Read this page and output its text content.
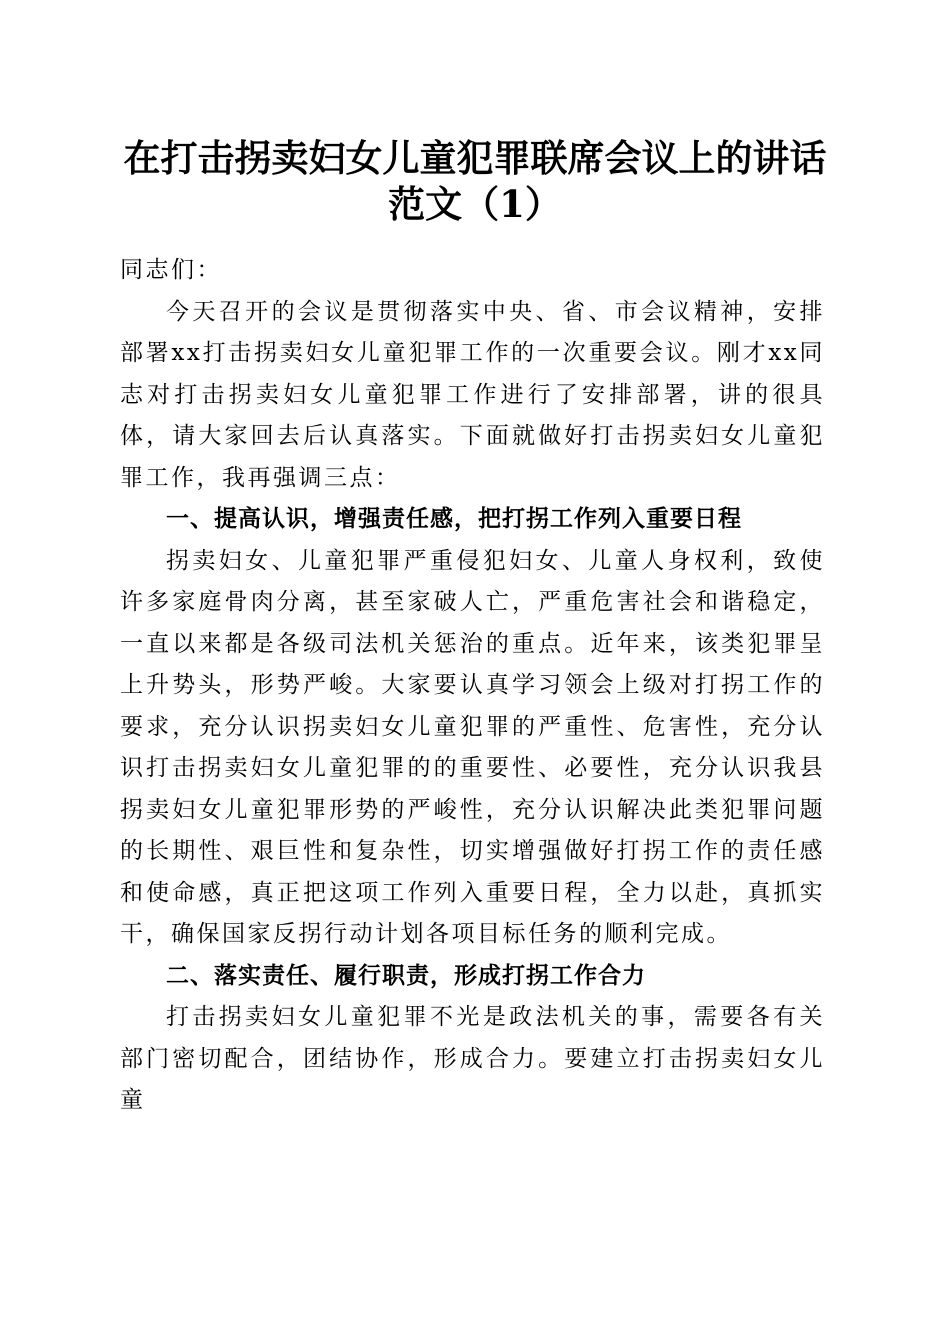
在打击拐卖妇女儿童犯罪联席会议上的讲话范文（1）

同志们：

今天召开的会议是贯彻落实中央、省、市会议精神，安排部署xx打击拐卖妇女儿童犯罪工作的一次重要会议。刚才xx同志对打击拐卖妇女儿童犯罪工作进行了安排部署，讲的很具体，请大家回去后认真落实。下面就做好打击拐卖妇女儿童犯罪工作，我再强调三点：

一、提高认识，增强责任感，把打拐工作列入重要日程

拐卖妇女、儿童犯罪严重侵犯妇女、儿童人身权利，致使许多家庭骨肉分离，甚至家破人亡，严重危害社会和谐稳定，一直以来都是各级司法机关惩治的重点。近年来，该类犯罪呈上升势头，形势严峻。大家要认真学习领会上级对打拐工作的要求，充分认识拐卖妇女儿童犯罪的严重性、危害性，充分认识打击拐卖妇女儿童犯罪的的重要性、必要性，充分认识我县拐卖妇女儿童犯罪形势的严峻性，充分认识解决此类犯罪问题的长期性、艰巨性和复杂性，切实增强做好打拐工作的责任感和使命感，真正把这项工作列入重要日程，全力以赴，真抓实干，确保国家反拐行动计划各项目标任务的顺利完成。

二、落实责任、履行职责，形成打拐工作合力

打击拐卖妇女儿童犯罪不光是政法机关的事，需要各有关部门密切配合，团结协作，形成合力。要建立打击拐卖妇女儿童
